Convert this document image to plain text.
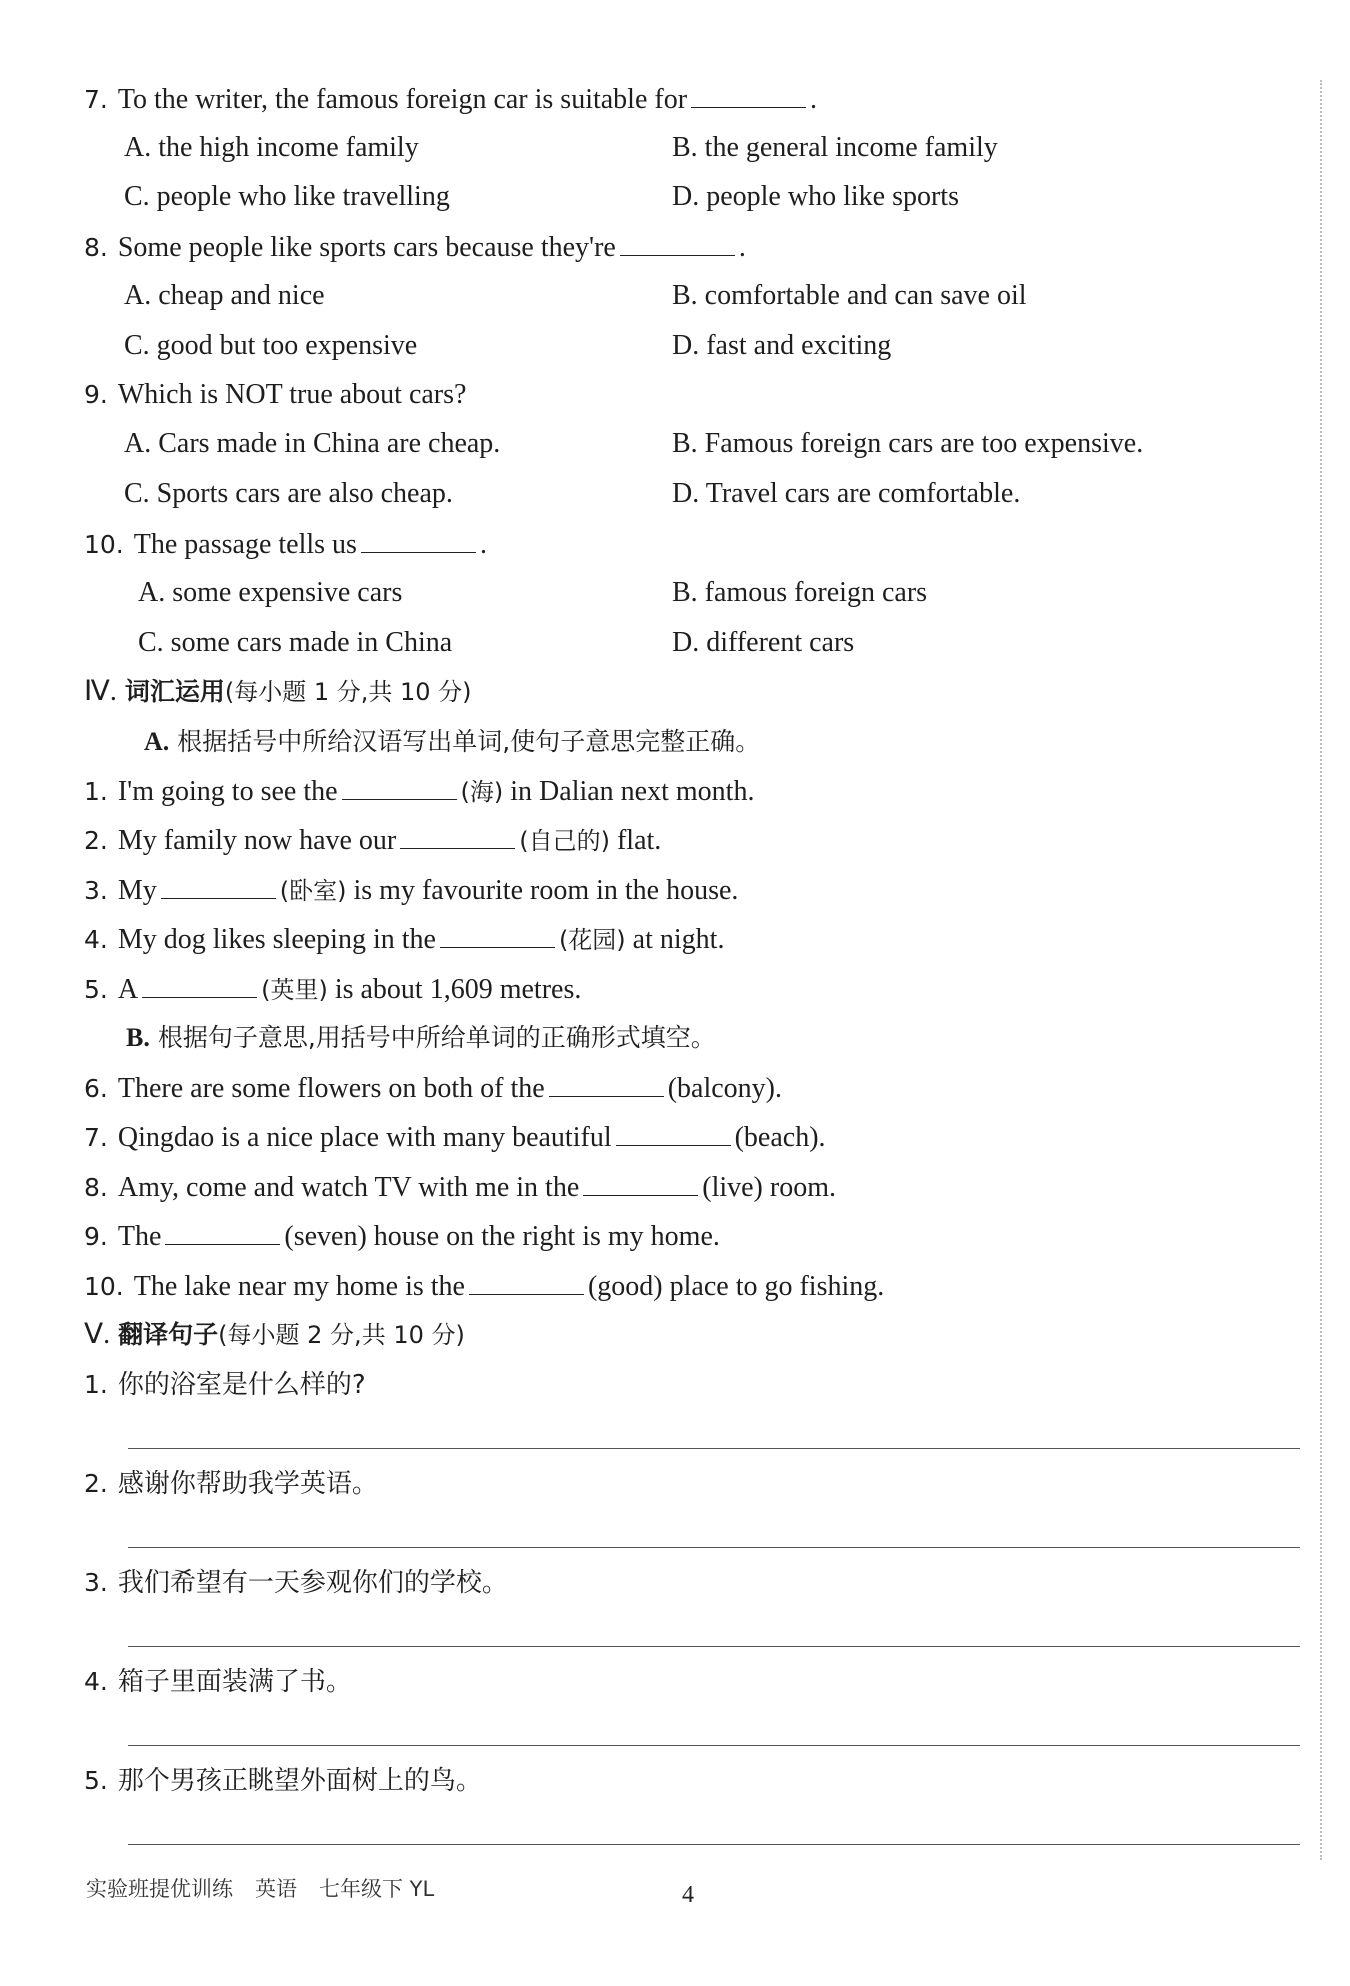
7. To the writer, the famous foreign car is suitable for	.
A. the high income family	B. the general income family
C. people who like travelling	D. people who like sports
8. Some people like sports cars because they're	.
A. cheap and nice	B. comfortable and can save oil
C. good but too expensive	D. fast and exciting
9. Which is NOT true about cars?
A. Cars made in China are cheap.	B. Famous foreign cars are too expensive.
C. Sports cars are also cheap.	D. Travel cars are comfortable.
10. The passage tells us	.
A. some expensive cars	B. famous foreign cars
C. some cars made in China	D. different cars
Ⅳ. 词汇运用(每小题 1 分,共 10 分)
A. 根据括号中所给汉语写出单词,使句子意思完整正确。
1. I'm going to see the	(海) in Dalian next month.
2. My family now have our	(自己的) flat.
3. My	(卧室) is my favourite room in the house.
4. My dog likes sleeping in the	(花园) at night.
5. A	(英里) is about 1,609 metres.
B. 根据句子意思,用括号中所给单词的正确形式填空。
6. There are some flowers on both of the	(balcony).
7. Qingdao is a nice place with many beautiful	(beach).
8. Amy, come and watch TV with me in the	(live) room.
9. The	(seven) house on the right is my home.
10. The lake near my home is the	(good) place to go fishing.
Ⅴ. 翻译句子(每小题 2 分,共 10 分)
1. 你的浴室是什么样的?
2. 感谢你帮助我学英语。
3. 我们希望有一天参观你们的学校。
4. 箱子里面装满了书。
5. 那个男孩正眺望外面树上的鸟。
实验班提优训练 英语 七年级下 YL	4
